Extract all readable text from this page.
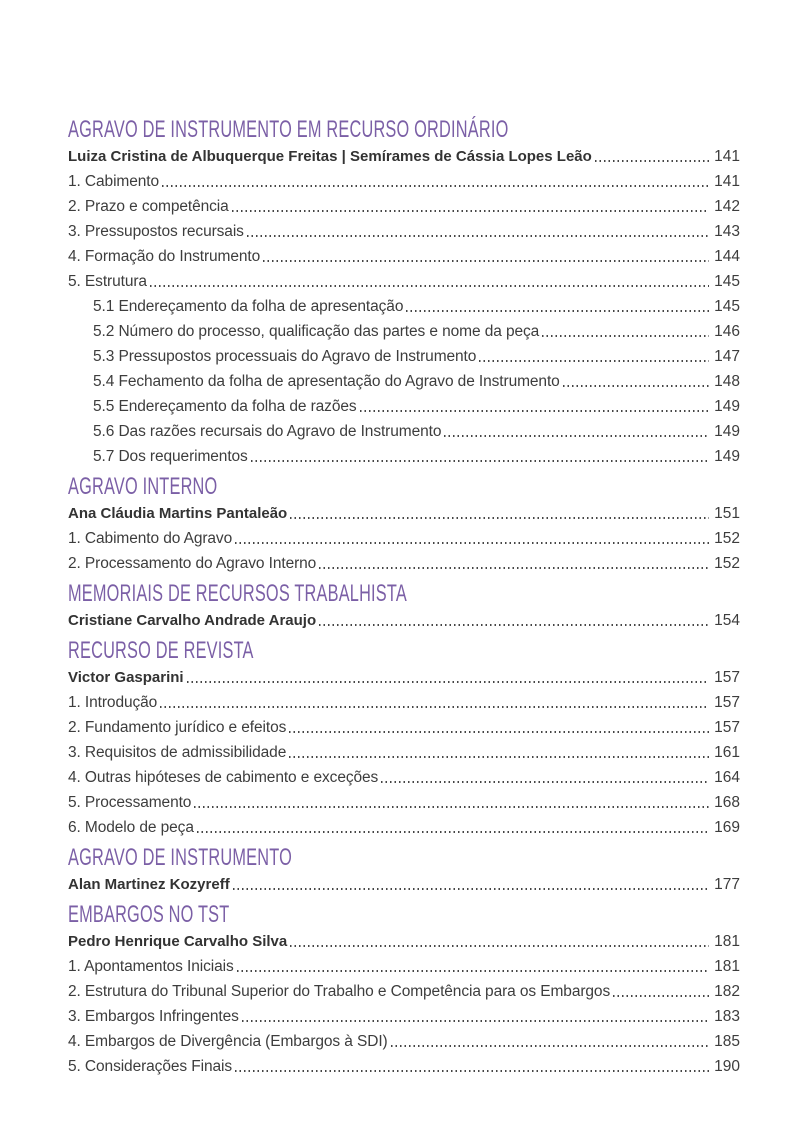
AGRAVO DE INSTRUMENTO EM RECURSO ORDINÁRIO
Luiza Cristina de Albuquerque Freitas | Semírames de Cássia Lopes Leão	141
1. Cabimento	141
2. Prazo e competência	142
3. Pressupostos recursais	143
4. Formação do Instrumento	144
5. Estrutura	145
5.1 Endereçamento da folha de apresentação	145
5.2 Número do processo, qualificação das partes e nome da peça	146
5.3 Pressupostos processuais do Agravo de Instrumento	147
5.4 Fechamento da folha de apresentação do Agravo de Instrumento	148
5.5 Endereçamento da folha de razões	149
5.6 Das razões recursais do Agravo de Instrumento	149
5.7 Dos requerimentos	149
AGRAVO INTERNO
Ana Cláudia Martins Pantaleão	151
1. Cabimento do Agravo	152
2. Processamento do Agravo Interno	152
MEMORIAIS DE RECURSOS TRABALHISTA
Cristiane Carvalho Andrade Araujo	154
RECURSO DE REVISTA
Victor Gasparini	157
1. Introdução	157
2. Fundamento jurídico e efeitos	157
3. Requisitos de admissibilidade	161
4. Outras hipóteses de cabimento e exceções	164
5. Processamento	168
6. Modelo de peça	169
AGRAVO DE INSTRUMENTO
Alan Martinez Kozyreff	177
EMBARGOS NO TST
Pedro Henrique Carvalho Silva	181
1. Apontamentos Iniciais	181
2. Estrutura do Tribunal Superior do Trabalho e Competência para os Embargos	182
3. Embargos Infringentes	183
4. Embargos de Divergência (Embargos à SDI)	185
5. Considerações Finais	190
